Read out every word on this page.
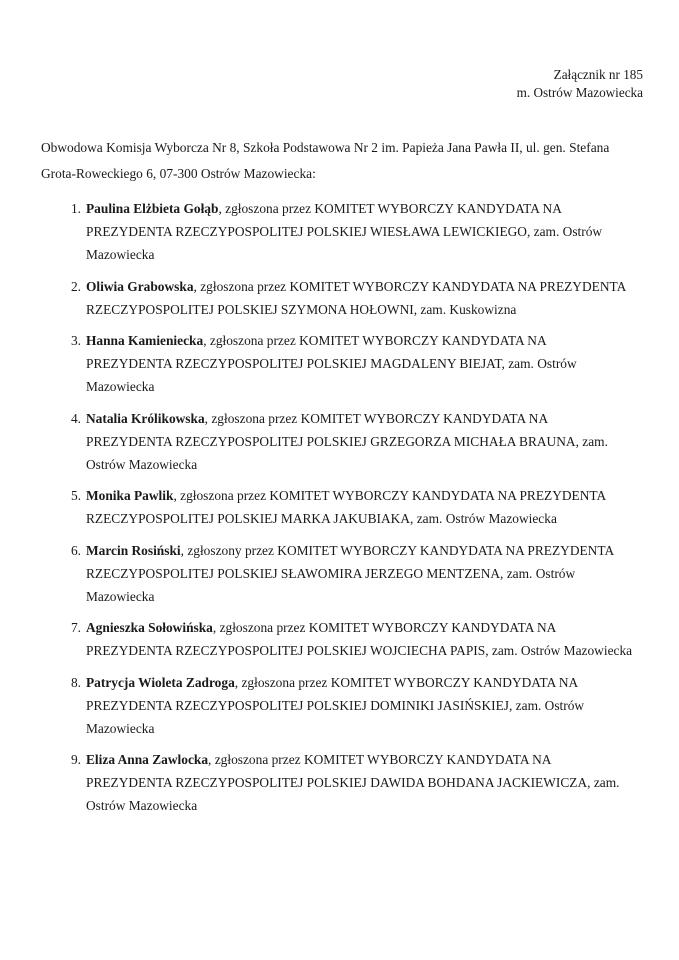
Załącznik nr 185
m. Ostrów Mazowiecka

Obwodowa Komisja Wyborcza Nr 8, Szkoła Podstawowa Nr 2 im. Papieża Jana Pawła II, ul. gen. Stefana Grota-Roweckiego 6, 07-300 Ostrów Mazowiecka:

1. Paulina Elżbieta Gołąb, zgłoszona przez KOMITET WYBORCZY KANDYDATA NA PREZYDENTA RZECZYPOSPOLITEJ POLSKIEJ WIESŁAWA LEWICKIEGO, zam. Ostrów Mazowiecka
2. Oliwia Grabowska, zgłoszona przez KOMITET WYBORCZY KANDYDATA NA PREZYDENTA RZECZYPOSPOLITEJ POLSKIEJ SZYMONA HOŁOWNI, zam. Kuskowizna
3. Hanna Kamieniecka, zgłoszona przez KOMITET WYBORCZY KANDYDATA NA PREZYDENTA RZECZYPOSPOLITEJ POLSKIEJ MAGDALENY BIEJAT, zam. Ostrów Mazowiecka
4. Natalia Królikowska, zgłoszona przez KOMITET WYBORCZY KANDYDATA NA PREZYDENTA RZECZYPOSPOLITEJ POLSKIEJ GRZEGORZA MICHAŁA BRAUNA, zam. Ostrów Mazowiecka
5. Monika Pawlik, zgłoszona przez KOMITET WYBORCZY KANDYDATA NA PREZYDENTA RZECZYPOSPOLITEJ POLSKIEJ MARKA JAKUBIAKA, zam. Ostrów Mazowiecka
6. Marcin Rosiński, zgłoszony przez KOMITET WYBORCZY KANDYDATA NA PREZYDENTA RZECZYPOSPOLITEJ POLSKIEJ SŁAWOMIRA JERZEGO MENTZENA, zam. Ostrów Mazowiecka
7. Agnieszka Sołowińska, zgłoszona przez KOMITET WYBORCZY KANDYDATA NA PREZYDENTA RZECZYPOSPOLITEJ POLSKIEJ WOJCIECHA PAPIS, zam. Ostrów Mazowiecka
8. Patrycja Wioleta Zadroga, zgłoszona przez KOMITET WYBORCZY KANDYDATA NA PREZYDENTA RZECZYPOSPOLITEJ POLSKIEJ DOMINIKI JASIŃSKIEJ, zam. Ostrów Mazowiecka
9. Eliza Anna Zawlocka, zgłoszona przez KOMITET WYBORCZY KANDYDATA NA PREZYDENTA RZECZYPOSPOLITEJ POLSKIEJ DAWIDA BOHDANA JACKIEWICZA, zam. Ostrów Mazowiecka
